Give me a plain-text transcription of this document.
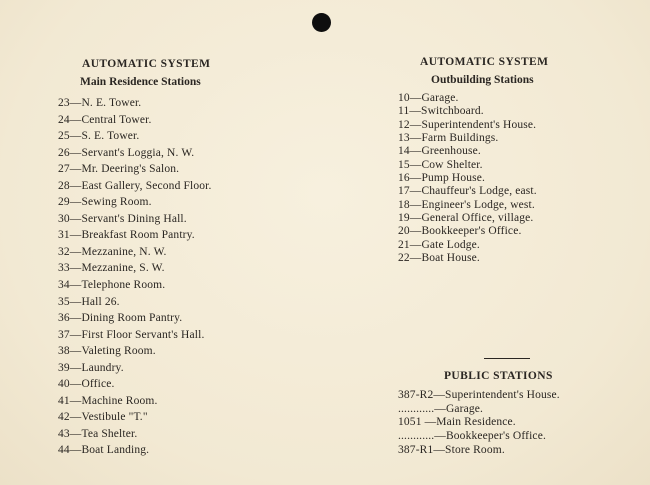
AUTOMATIC SYSTEM
Main Residence Stations
23—N. E. Tower.
24—Central Tower.
25—S. E. Tower.
26—Servant's Loggia, N. W.
27—Mr. Deering's Salon.
28—East Gallery, Second Floor.
29—Sewing Room.
30—Servant's Dining Hall.
31—Breakfast Room Pantry.
32—Mezzanine, N. W.
33—Mezzanine, S. W.
34—Telephone Room.
35—Hall 26.
36—Dining Room Pantry.
37—First Floor Servant's Hall.
38—Valeting Room.
39—Laundry.
40—Office.
41—Machine Room.
42—Vestibule "T."
43—Tea Shelter.
44—Boat Landing.
AUTOMATIC SYSTEM
Outbuilding Stations
10—Garage.
11—Switchboard.
12—Superintendent's House.
13—Farm Buildings.
14—Greenhouse.
15—Cow Shelter.
16—Pump House.
17—Chauffeur's Lodge, east.
18—Engineer's Lodge, west.
19—General Office, village.
20—Bookkeeper's Office.
21—Gate Lodge.
22—Boat House.
PUBLIC STATIONS
387-R2—Superintendent's House.
............—Garage.
1051 —Main Residence.
............—Bookkeeper's Office.
387-R1—Store Room.
